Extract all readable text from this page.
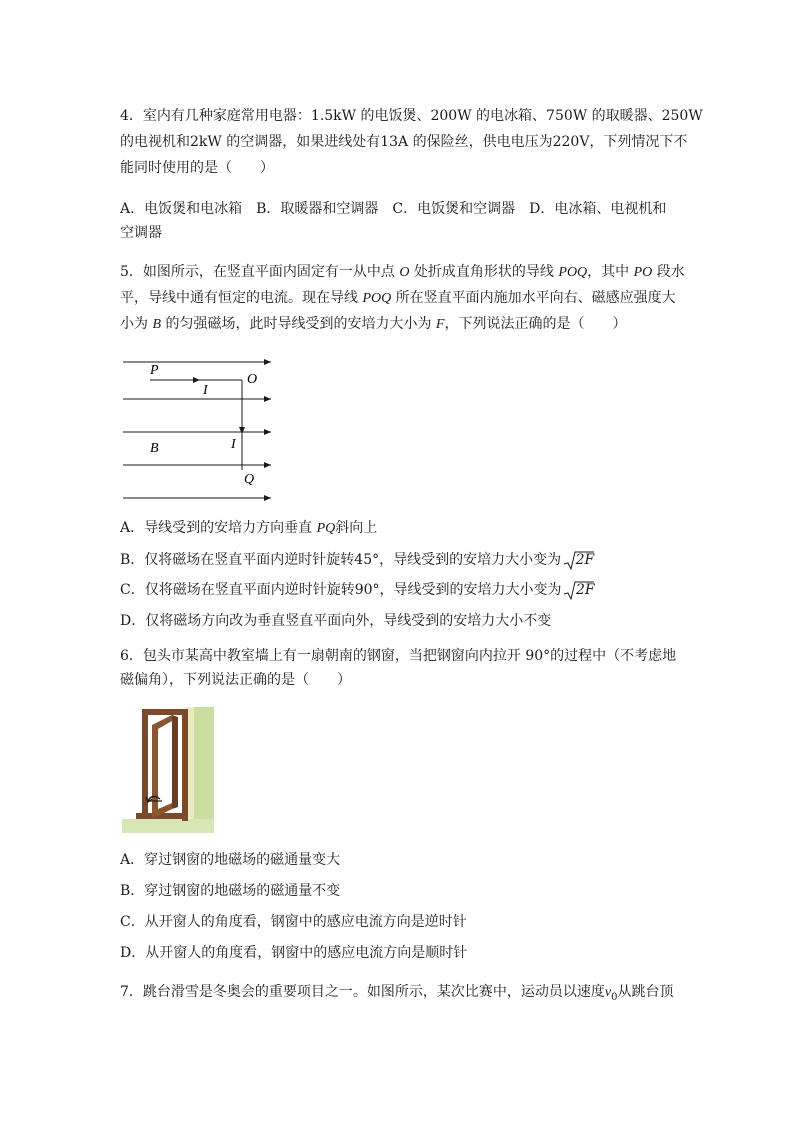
4．室内有几种家庭常用电器：1.5kW 的电饭煲、200W 的电冰箱、750W 的取暖器、250W
的电视机和2kW 的空调器，如果进线处有13A 的保险丝，供电电压为220V，下列情况下不
能同时使用的是（　　）
A．电饭煲和电冰箱　B．取暖器和空调器　C．电饭煲和空调器　D．电冰箱、电视机和
空调器
5．如图所示，在竖直平面内固定有一从中点 O 处折成直角形状的导线 POQ，其中 PO 段水
平，导线中通有恒定的电流。现在导线 POQ 所在竖直平面内施加水平向右、磁感应强度大
小为 B 的匀强磁场，此时导线受到的安培力大小为 F，下列说法正确的是（　　）
P
O
I
B	I
Q
A．导线受到的安培力方向垂直 PQ斜向上
B．仅将磁场在竖直平面内逆时针旋转45°，导线受到的安培力大小变为 2F
C．仅将磁场在竖直平面内逆时针旋转90°，导线受到的安培力大小变为 2F
D．仅将磁场方向改为垂直竖直平面向外，导线受到的安培力大小不变
6．包头市某高中教室墙上有一扇朝南的钢窗，当把钢窗向内拉开 90°的过程中（不考虑地
磁偏角），下列说法正确的是（　　）
A．穿过钢窗的地磁场的磁通量变大
B．穿过钢窗的地磁场的磁通量不变
C．从开窗人的角度看，钢窗中的感应电流方向是逆时针
D．从开窗人的角度看，钢窗中的感应电流方向是顺时针
7．跳台滑雪是冬奥会的重要项目之一。如图所示，某次比赛中，运动员以速度$v_0$从跳台顶
